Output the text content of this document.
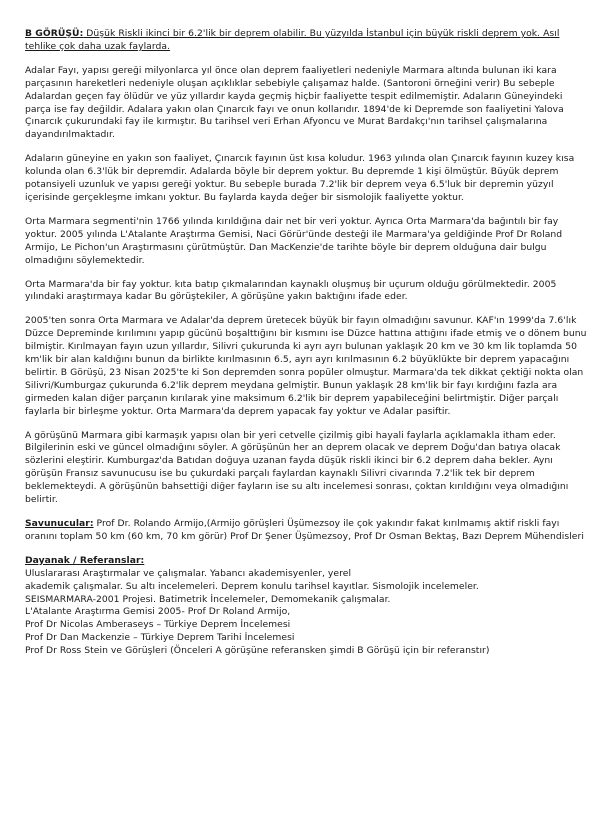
B GÖRÜŞÜ: Düşük Riskli ikinci bir 6.2'lik bir deprem olabilir. Bu yüzyılda İstanbul için büyük riskli deprem yok. Asıl tehlike çok daha uzak faylarda.

Adalar Fayı, yapısı gereği milyonlarca yıl önce olan deprem faaliyetleri nedeniyle Marmara altında bulunan iki kara parçasının hareketleri nedeniyle oluşan açıklıklar sebebiyle çalışamaz halde. (Santoroni örneğini verir) Bu sebeple Adalardan geçen fay ölüdür ve yüz yıllardır kayda geçmiş hiçbir faaliyette tespit edilmemiştir. Adaların Güneyindeki parça ise fay değildir. Adalara yakın olan Çınarcık fayı ve onun kollarıdır. 1894'de ki Depremde son faaliyetini Yalova Çınarcık çukurundaki fay ile kırmıştır. Bu tarihsel veri Erhan Afyoncu ve Murat Bardakçı'nın tarihsel çalışmalarına dayandırılmaktadır.

Adaların güneyine en yakın son faaliyet, Çınarcık fayının üst kısa koludur. 1963 yılında olan Çınarcık fayının kuzey kısa kolunda olan 6.3'lük bir depremdir. Adalarda böyle bir deprem yoktur. Bu depremde 1 kişi ölmüştür. Büyük deprem potansiyeli uzunluk ve yapısı gereği yoktur. Bu sebeple burada 7.2'lik bir deprem veya 6.5'luk bir depremin yüzyıl içerisinde gerçekleşme imkanı yoktur. Bu faylarda kayda değer bir sismolojik faaliyette yoktur.

Orta Marmara segmenti'nin 1766 yılında kırıldığına dair net bir veri yoktur. Ayrıca Orta Marmara'da bağıntılı bir fay yoktur. 2005 yılında L'Atalante Araştırma Gemisi, Naci Görür'ünde desteği ile Marmara'ya geldiğinde Prof Dr Roland Armijo, Le Pichon'un Araştırmasını çürütmüştür. Dan MacKenzie'de tarihte böyle bir deprem olduğuna dair bulgu olmadığını söylemektedir.

Orta Marmara'da bir fay yoktur. kıta batıp çıkmalarından kaynaklı oluşmuş bir uçurum olduğu görülmektedir. 2005 yılındaki araştırmaya kadar Bu görüştekiler, A görüşüne yakın baktığını ifade eder.

2005'ten sonra Orta Marmara ve Adalar'da deprem üretecek büyük bir fayın olmadığını savunur. KAF'ın 1999'da 7.6'lık Düzce Depreminde kırılımını yapıp gücünü boşalttığını bir kısmını ise Düzce hattına attığını ifade etmiş ve o dönem bunu bilmiştir. Kırılmayan fayın uzun yıllardır, Silivri çukurunda ki ayrı ayrı bulunan yaklaşık 20 km ve 30 km lik toplamda 50 km'lik bir alan kaldığını bunun da birlikte kırılmasının 6.5, ayrı ayrı kırılmasının 6.2 büyüklükte bir deprem yapacağını belirtir. B Görüşü, 23 Nisan 2025'te ki Son depremden sonra popüler olmuştur. Marmara'da tek dikkat çektiği nokta olan Silivri/Kumburgaz çukurunda 6.2'lik deprem meydana gelmiştir. Bunun yaklaşık 28 km'lik bir fayı kırdığını fazla ara girmeden kalan diğer parçanın kırılarak yine maksimum 6.2'lik bir deprem yapabileceğini belirtmiştir. Diğer parçalı faylarla bir birleşme yoktur. Orta Marmara'da deprem yapacak fay yoktur ve Adalar pasiftir.

A görüşünü Marmara gibi karmaşık yapısı olan bir yeri cetvelle çizilmiş gibi hayali faylarla açıklamakla itham eder. Bilgilerinin eski ve güncel olmadığını söyler. A görüşünün her an deprem olacak ve deprem Doğu'dan batıya olacak sözlerini eleştirir. Kumburgaz'da Batıdan doğuya uzanan fayda düşük riskli ikinci bir 6.2 deprem daha bekler. Aynı görüşün Fransız savunucusu ise bu çukurdaki parçalı faylardan kaynaklı Silivri civarında 7.2'lik tek bir deprem beklemekteydi. A görüşünün bahsettiği diğer fayların ise su altı incelemesi sonrası, çoktan kırıldığını veya olmadığını belirtir.

Savunucular: Prof Dr. Rolando Armijo,(Armijo görüşleri Üşümezsoy ile çok yakındır fakat kırılmamış aktif riskli fayı oranını toplam 50 km (60 km, 70 km görür) Prof Dr Şener Üşümezsoy, Prof Dr Osman Bektaş, Bazı Deprem Mühendisleri

Dayanak / Referanslar:
Uluslararası Araştırmalar ve çalışmalar. Yabancı akademisyenler, yerel
akademik çalışmalar. Su altı incelemeleri. Deprem konulu tarihsel kayıtlar. Sismolojik incelemeler.
SEISMARMARA-2001 Projesi. Batimetrik İncelemeler, Demomekanik çalışmalar.
L'Atalante Araştırma Gemisi 2005- Prof Dr Roland Armijo,
Prof Dr Nicolas Amberaseys – Türkiye Deprem İncelemesi
Prof Dr Dan Mackenzie – Türkiye Deprem Tarihi İncelemesi
Prof Dr Ross Stein ve Görüşleri (Önceleri A görüşüne referansken şimdi B Görüşü için bir referanstır)
